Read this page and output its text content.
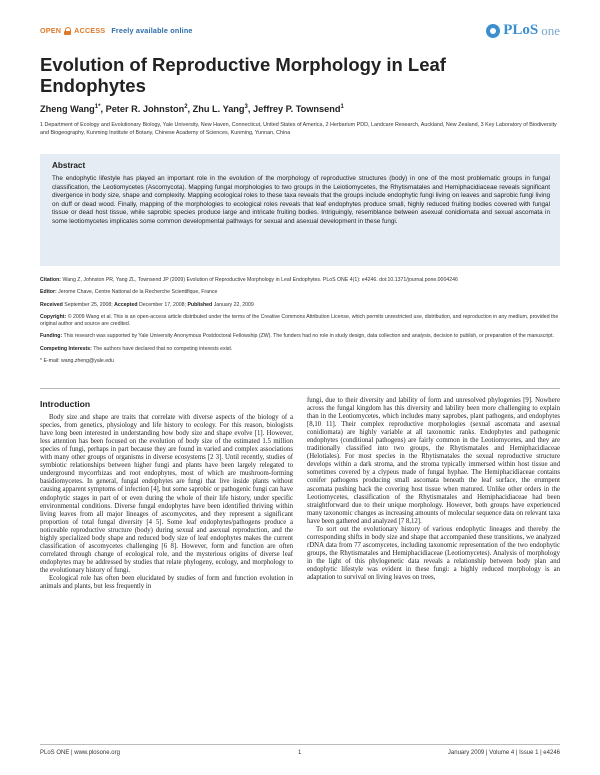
OPEN ACCESS Freely available online	PLoS one
Evolution of Reproductive Morphology in Leaf Endophytes
Zheng Wang$^{1*}$, Peter R. Johnston$^2$, Zhu L. Yang$^3$, Jeffrey P. Townsend$^1$
1 Department of Ecology and Evolutionary Biology, Yale University, New Haven, Connecticut, United States of America, 2 Herbarium PDD, Landcare Research, Auckland, New Zealand, 3 Key Laboratory of Biodiversity and Biogeography, Kunming Institute of Botany, Chinese Academy of Sciences, Kunming, Yunnan, China
Abstract

The endophytic lifestyle has played an important role in the evolution of the morphology of reproductive structures (body) in one of the most problematic groups in fungal classification, the Leotiomycetes (Ascomycota). Mapping fungal morphologies to two groups in the Leiotiomycetes, the Rhytismatales and Hemiphacidiaceae reveals significant divergence in body size, shape and complexity. Mapping ecological roles to these taxa reveals that the groups include endophytic fungi living on leaves and saprobic fungi living on duff or dead wood. Finally, mapping of the morphologies to ecological roles reveals that leaf endophytes produce small, highly reduced fruiting bodies covered with fungal tissue or dead host tissue, while saprobic species produce large and intricate fruiting bodies. Intriguingly, resemblance between asexual conidiomata and sexual ascomata in some leotiomycetes implicates some common developmental pathways for sexual and asexual development in these fungi.

Citation: Wang Z, Johnston PR, Yang ZL, Townsend JP (2009) Evolution of Reproductive Morphology in Leaf Endophytes. PLoS ONE 4(1): e4246. doi:10.1371/journal.pone.0004246
Editor: Jerome Chave, Centre National de la Recherche Scientifique, France
Received September 25, 2008; Accepted December 17, 2008; Published January 22, 2009
Copyright: © 2009 Wang et al. This is an open-access article distributed under the terms of the Creative Commons Attribution License, which permits unrestricted use, distribution, and reproduction in any medium, provided the original author and source are credited.
Funding: This research was supported by Yale University Anonymous Postdoctoral Fellowship (ZW). The funders had no role in study design, data collection and analysis, decision to publish, or preparation of the manuscript.
Competing Interests: The authors have declared that no competing interests exist.
* E-mail: wang.zheng@yale.edu
Introduction

Body size and shape are traits that correlate with diverse aspects of the biology of a species, from genetics, physiology and life history to ecology. For this reason, biologists have long been interested in understanding how body size and shape evolve [1]. However, less attention has been focused on the evolution of body size of the estimated 1.5 million species of fungi, perhaps in part because they are found in varied and complex associations with many other groups of organisms in diverse ecosystems [2 3]. Until recently, studies of symbiotic relationships between higher fungi and plants have been largely relegated to underground mycorrhizas and root endophytes, most of which are mushroom-forming basidiomycetes. In general, fungal endophytes are fungi that live inside plants without causing apparent symptoms of infection [4], but some saprobic or pathogenic fungi can have endophytic stages in part of or even during the whole of their life history, under specific environmental conditions. Diverse fungal endophytes have been identified thriving within living leaves from all major lineages of ascomycetes, and they represent a significant proportion of total fungal diversity [4 5]. Some leaf endophytes/pathogens produce a noticeable reproductive structure (body) during sexual and asexual reproduction, and the highly specialized body shape and reduced body size of leaf endophytes makes the current classification of ascomycetes challenging [6 8]. However, form and function are often correlated through change of ecological role, and the mysterious origins of diverse leaf endophytes may be addressed by studies that relate phylogeny, ecology, and morphology to the evolutionary history of fungi.

Ecological role has often been elucidated by studies of form and function evolution in animals and plants, but less frequently in

fungi, due to their diversity and lability of form and unresolved phylogenies [9]. Nowhere across the fungal kingdom has this diversity and lability been more challenging to explain than in the Leotiomycetes, which includes many saprobes, plant pathogens, and endophytes [8,10 11]. Their complex reproductive morphologies (sexual ascomata and asexual conidiomata) are highly variable at all taxonomic ranks. Endophytes and pathogenic endophytes (conditional pathogens) are fairly common in the Leotiomycetes, and they are traditionally classified into two groups, the Rhytismatales and Hemiphacidiaceae (Helotiales). For most species in the Rhytismatales the sexual reproductive structure develops within a dark stroma, and the stroma typically immersed within host tissue and sometimes covered by a clypeus made of fungal hyphae. The Hemiphacidiaceae contains conifer pathogens producing small ascomata beneath the leaf surface, the erumpent ascomata pushing back the covering host tissue when matured. Unlike other orders in the Leotiomycetes, classification of the Rhytismatales and Hemiphacidiaceae had been straightforward due to their unique morphology. However, both groups have experienced many taxonomic changes as increasing amounts of molecular sequence data on relevant taxa have been gathered and analyzed [7 8,12].

To sort out the evolutionary history of various endophytic lineages and thereby the corresponding shifts in body size and shape that accompanied these transitions, we analyzed rDNA data from 77 ascomycetes, including taxonomic representation of the two endophytic groups, the Rhytismatales and Hemiphacidiaceae (Leotiomycetes). Analysis of morphology in the light of this phylogenetic data reveals a relationship between body plan and endophytic lifestyle was evident in these fungi: a highly reduced morphology is an adaptation to survival on living leaves on trees,

PLoS ONE | www.plosone.org	1	January 2009 | Volume 4 | Issue 1 | e4246
